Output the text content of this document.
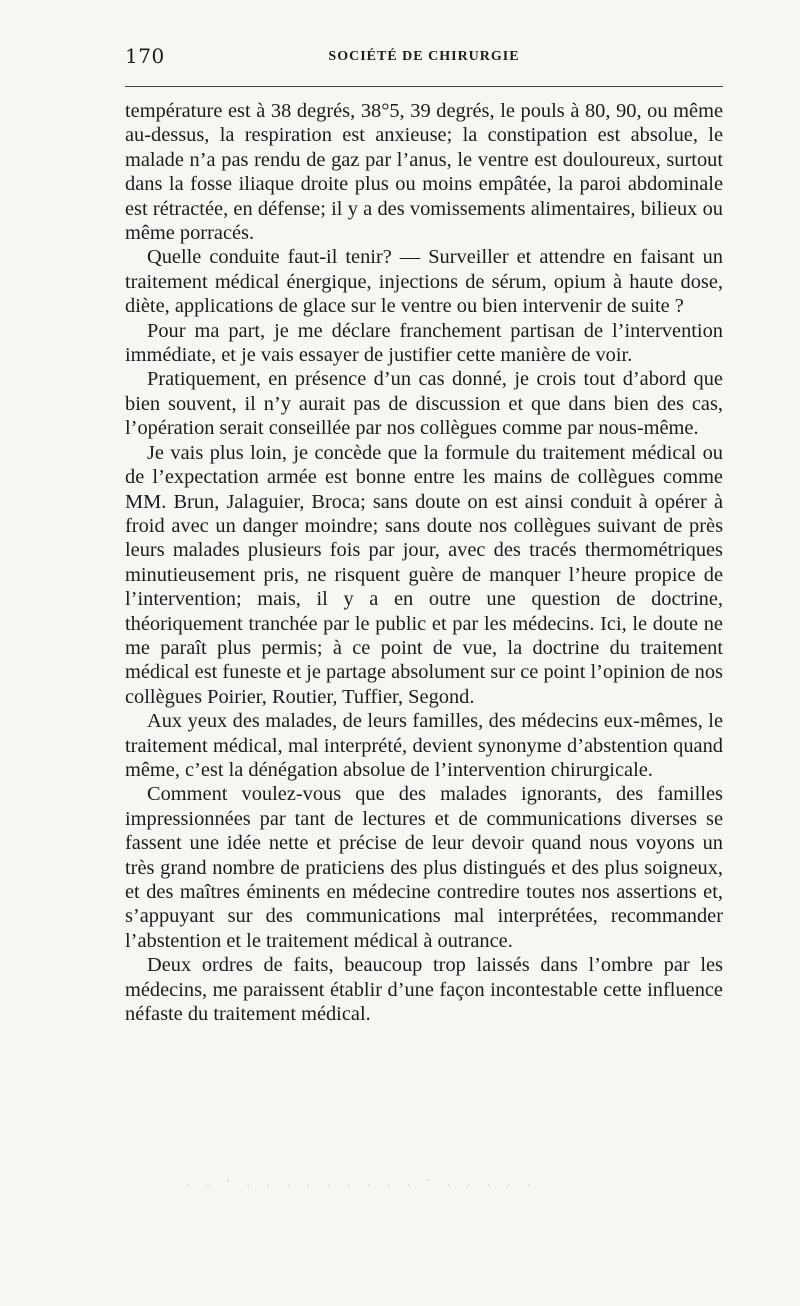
170	SOCIÉTÉ DE CHIRURGIE

température est à 38 degrés, 38°5, 39 degrés, le pouls à 80, 90, ou même au-dessus, la respiration est anxieuse; la constipation est absolue, le malade n’a pas rendu de gaz par l’anus, le ventre est douloureux, surtout dans la fosse iliaque droite plus ou moins empâtée, la paroi abdominale est rétractée, en défense; il y a des vomissements alimentaires, bilieux ou même porracés.

Quelle conduite faut-il tenir? — Surveiller et attendre en faisant un traitement médical énergique, injections de sérum, opium à haute dose, diète, applications de glace sur le ventre ou bien intervenir de suite ?

Pour ma part, je me déclare franchement partisan de l’intervention immédiate, et je vais essayer de justifier cette manière de voir.

Pratiquement, en présence d’un cas donné, je crois tout d’abord que bien souvent, il n’y aurait pas de discussion et que dans bien des cas, l’opération serait conseillée par nos collègues comme par nous-même.

Je vais plus loin, je concède que la formule du traitement médical ou de l’expectation armée est bonne entre les mains de collègues comme MM. Brun, Jalaguier, Broca; sans doute on est ainsi conduit à opérer à froid avec un danger moindre; sans doute nos collègues suivant de près leurs malades plusieurs fois par jour, avec des tracés thermométriques minutieusement pris, ne risquent guère de manquer l’heure propice de l’intervention; mais, il y a en outre une question de doctrine, théoriquement tranchée par le public et par les médecins. Ici, le doute ne me paraît plus permis; à ce point de vue, la doctrine du traitement médical est funeste et je partage absolument sur ce point l’opinion de nos collègues Poirier, Routier, Tuffier, Segond.

Aux yeux des malades, de leurs familles, des médecins eux-mêmes, le traitement médical, mal interprété, devient synonyme d’abstention quand même, c’est la dénégation absolue de l’intervention chirurgicale.

Comment voulez-vous que des malades ignorants, des familles impressionnées par tant de lectures et de communications diverses se fassent une idée nette et précise de leur devoir quand nous voyons un très grand nombre de praticiens des plus distingués et des plus soigneux, et des maîtres éminents en médecine contredire toutes nos assertions et, s’appuyant sur des communications mal interprétées, recommander l’abstention et le traitement médical à outrance.

Deux ordres de faits, beaucoup trop laissés dans l’ombre par les médecins, me paraissent établir d’une façon incontestable cette influence néfaste du traitement médical.

. . ' . . . . . . . . . ' . . . . .
